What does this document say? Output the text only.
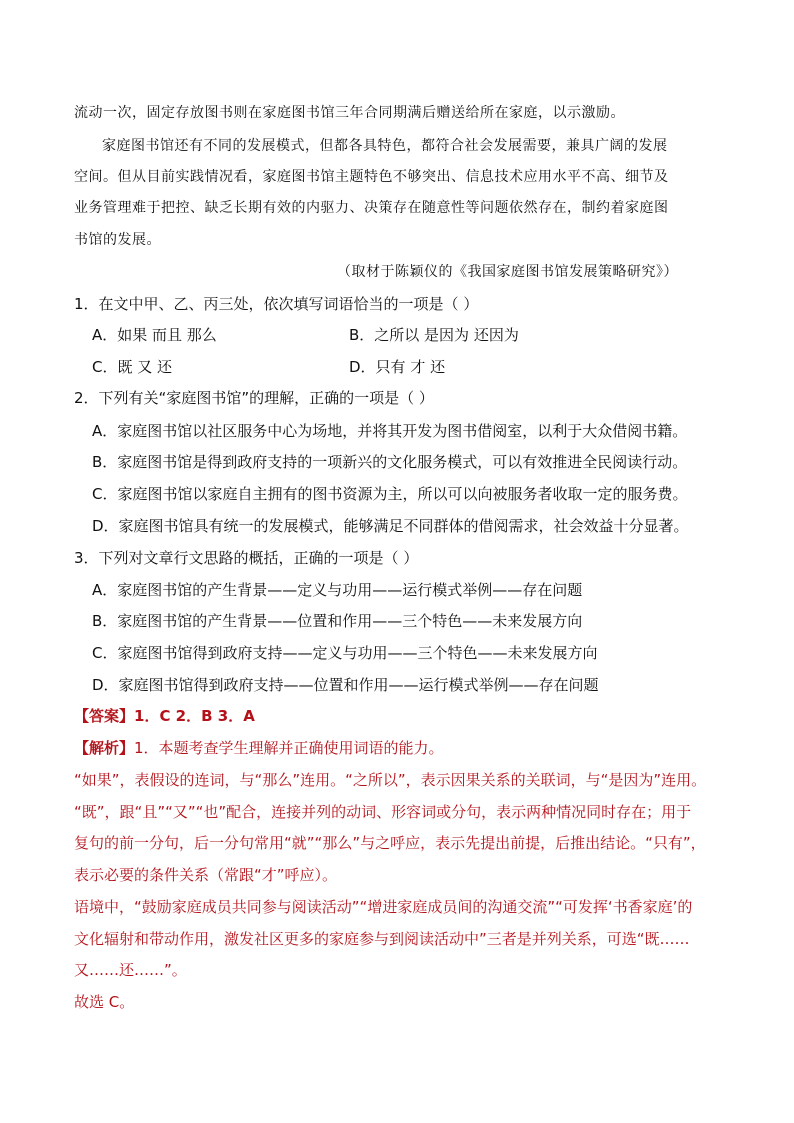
流动一次，固定存放图书则在家庭图书馆三年合同期满后赠送给所在家庭，以示激励。
家庭图书馆还有不同的发展模式，但都各具特色，都符合社会发展需要，兼具广阔的发展
空间。但从目前实践情况看，家庭图书馆主题特色不够突出、信息技术应用水平不高、细节及
业务管理难于把控、缺乏长期有效的内驱力、决策存在随意性等问题依然存在，制约着家庭图
书馆的发展。
（取材于陈颖仪的《我国家庭图书馆发展策略研究》）
1．在文中甲、乙、丙三处，依次填写词语恰当的一项是（ ）
A．如果 而且 那么	B．之所以 是因为 还因为
C．既 又 还	D．只有 才 还
2．下列有关“家庭图书馆”的理解，正确的一项是（ ）
A．家庭图书馆以社区服务中心为场地，并将其开发为图书借阅室，以利于大众借阅书籍。
B．家庭图书馆是得到政府支持的一项新兴的文化服务模式，可以有效推进全民阅读行动。
C．家庭图书馆以家庭自主拥有的图书资源为主，所以可以向被服务者收取一定的服务费。
D．家庭图书馆具有统一的发展模式，能够满足不同群体的借阅需求，社会效益十分显著。
3．下列对文章行文思路的概括，正确的一项是（ ）
A．家庭图书馆的产生背景——定义与功用——运行模式举例——存在问题
B．家庭图书馆的产生背景——位置和作用——三个特色——未来发展方向
C．家庭图书馆得到政府支持——定义与功用——三个特色——未来发展方向
D．家庭图书馆得到政府支持——位置和作用——运行模式举例——存在问题
【答案】1．C 2．B 3．A
【解析】1．本题考查学生理解并正确使用词语的能力。
“如果”，表假设的连词，与“那么”连用。“之所以”，表示因果关系的关联词，与“是因为”连用。
“既”，跟“且”“又”“也”配合，连接并列的动词、形容词或分句，表示两种情况同时存在；用于
复句的前一分句，后一分句常用“就”“那么”与之呼应，表示先提出前提，后推出结论。“只有”，
表示必要的条件关系（常跟“才”呼应）。
语境中，“鼓励家庭成员共同参与阅读活动”“增进家庭成员间的沟通交流”“可发挥‘书香家庭’的
文化辐射和带动作用，激发社区更多的家庭参与到阅读活动中”三者是并列关系，可选“既……
又……还……”。
故选 C。
